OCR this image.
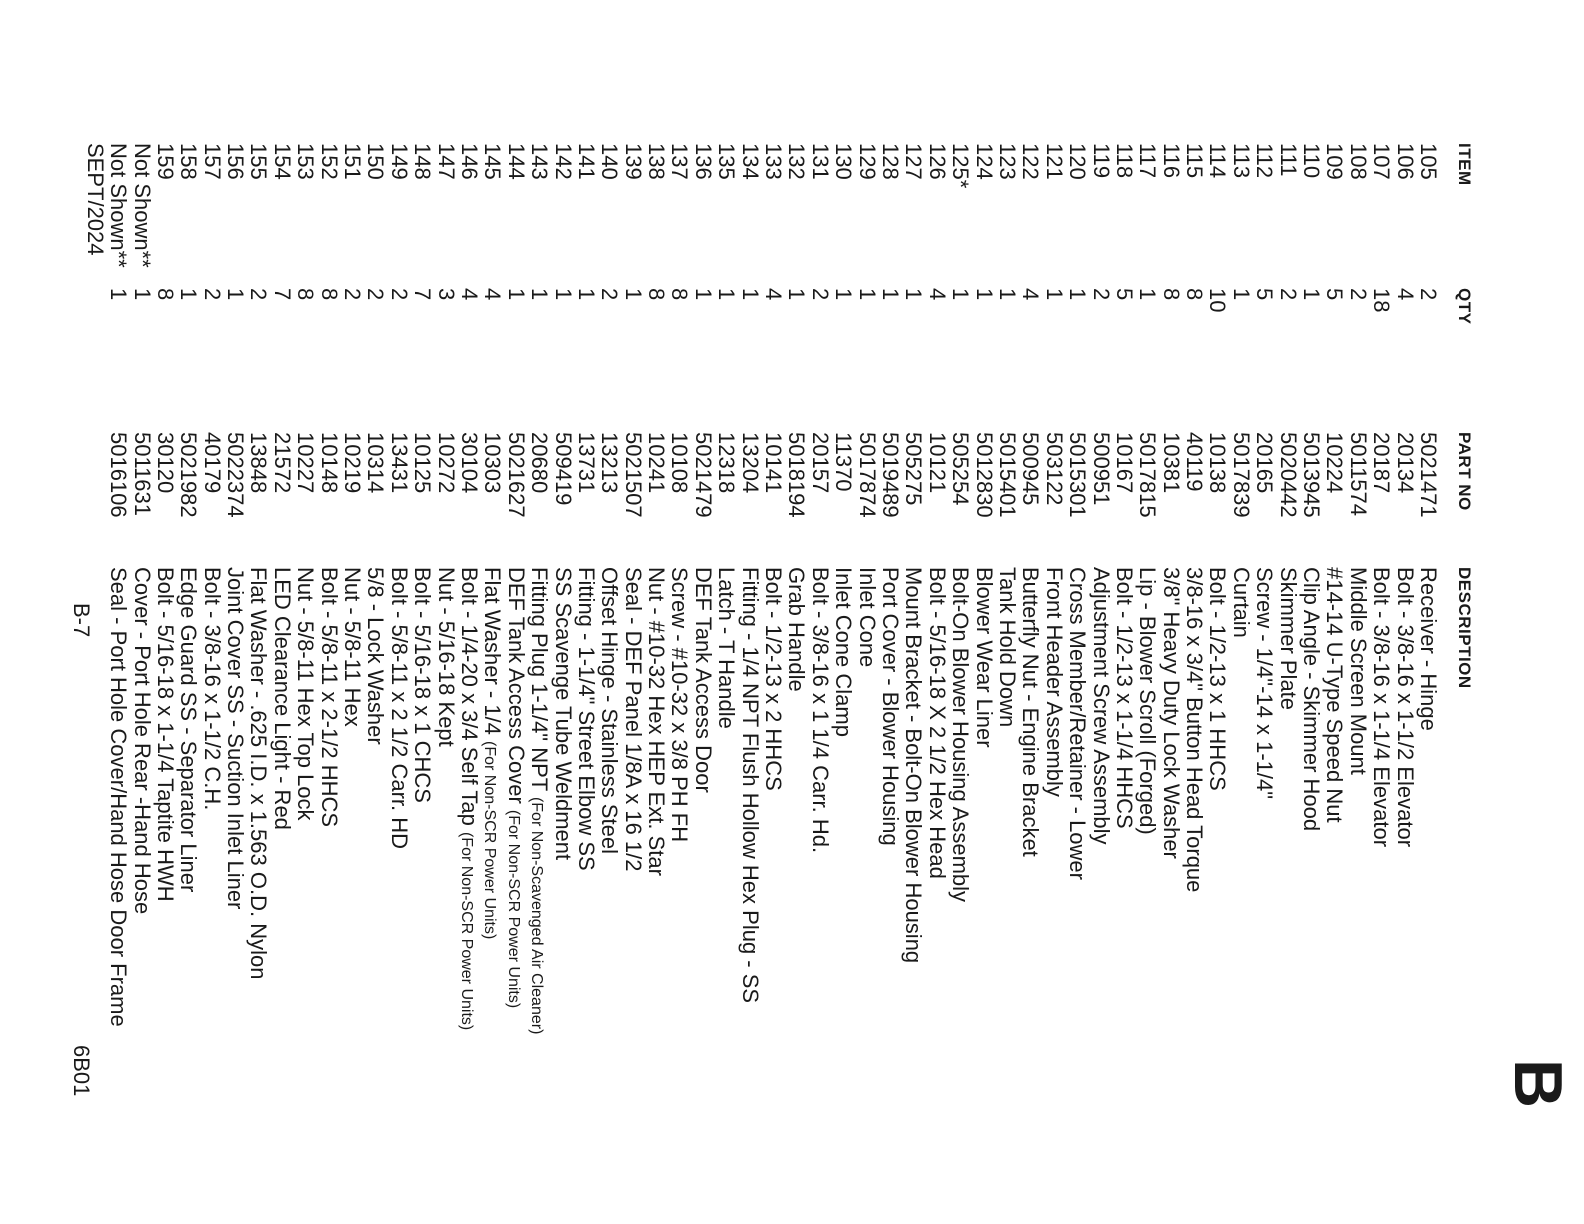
ITEM
QTY
PART NO
DESCRIPTION
105
106
107
108
109
110
111
112
113
114
115
116
117
118
119
120
121
122
123
124
125*
126
127
128
129
130
131
132
133
134
135
136
137
138
139
140
141
142
143
144
145
146
147
148
149
150
151
152
153
154
155
156
157
158
159
Not Shown**
Not Shown**
SEPT/2024
2
4
18
2
5
1
2
5
1
10
8
8
1
5
2
1
1
4
1
1
1
4
1
1
1
1
2
1
4
1
1
1
8
8
1
2
1
1
1
1
4
4
3
7
2
2
2
8
8
7
2
1
2
1
8
1
1
5021471
20134
20187
5011574
10224
5013945
5020442
20165
5017839
10138
40119
10381
5017815
10167
500951
5015301
503122
500945
5015401
5012830
505254
10121
505275
5019489
5017874
11370
20157
5018194
10141
13204
12318
5021479
10108
10241
5021507
13213
13731
509419
20680
5021627
10303
30104
10272
10125
13431
10314
10219
10148
10227
21572
13848
5022374
40179
5021982
30120
5011631
5016106
Receiver - Hinge
Bolt - 3/8-16 x 1-1/2 Elevator
Bolt - 3/8-16 x 1-1/4 Elevator
Middle Screen Mount
#14-14 U-Type Speed Nut
Clip Angle - Skimmer Hood
Skimmer Plate
Screw - 1/4"-14 x 1-1/4"
Curtain
Bolt - 1/2-13 x 1 HHCS
3/8-16 x 3/4" Button Head Torque
3/8" Heavy Duty Lock Washer
Lip - Blower Scroll (Forged)
Bolt - 1/2-13 x 1-1/4 HHCS
Adjustment Screw Assembly
Cross Member/Retainer - Lower
Front Header Assembly
Butterfly Nut - Engine Bracket
Tank Hold Down
Blower Wear Liner
Bolt-On Blower Housing Assembly
Bolt - 5/16-18 X 2 1/2 Hex Head
Mount Bracket - Bolt-On Blower Housing
Port Cover - Blower Housing
Inlet Cone
Inlet Cone Clamp
Bolt - 3/8-16 x 1 1/4 Carr. Hd.
Grab Handle
Bolt - 1/2-13 x 2 HHCS
Fitting - 1/4 NPT Flush Hollow Hex Plug - SS
Latch - T Handle
DEF Tank Access Door
Screw - #10-32 x 3/8 PH FH
Nut - #10-32 Hex HEP Ext. Star
Seal - DEF Panel 1/8A x 16 1/2
Offset Hinge - Stainless Steel
Fitting - 1-1/4" Street Elbow SS
SS Scavenge Tube Weldment
Fitting Plug 1-1/4" NPT (For Non-Scavenged Air Cleaner)
DEF Tank Access Cover (For Non-SCR Power Units)
Flat Washer - 1/4 (For Non-SCR Power Units)
Bolt - 1/4-20 x 3/4 Self Tap (For Non-SCR Power Units)
Nut - 5/16-18 Kept
Bolt - 5/16-18 x 1 CHCS
Bolt - 5/8-11 x 2 1/2 Carr. HD
5/8 - Lock Washer
Nut - 5/8-11 Hex
Bolt - 5/8-11 x 2-1/2 HHCS
Nut - 5/8-11 Hex Top Lock
LED Clearance Light - Red
Flat Washer - .625 I.D. x 1.563 O.D. Nylon
Joint Cover SS - Suction Inlet Liner
Bolt - 3/8-16 x 1-1/2 C.H.
Edge Guard SS - Separator Liner
Bolt - 5/16-18 x 1-1/4 Taptite HWH
Cover - Port Hole Rear -Hand Hose
Seal - Port Hole Cover/Hand Hose Door Frame
B-7
6B01	B
